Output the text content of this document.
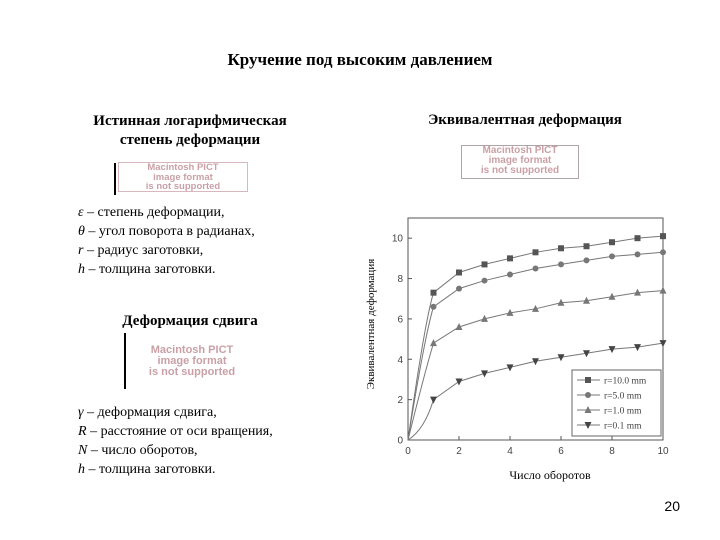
Кручение под высоким давлением
Истинная логарифмическая
степень деформации
Эквивалентная деформация
Macintosh PICT
image format
is not supported
Macintosh PICT
image format
is not supported
ε – степень деформации,
θ – угол поворота в радианах,
r – радиус заготовки,
h – толщина заготовки.
Деформация сдвига
Macintosh PICT
image format
is not supported
γ – деформация сдвига,
R – расстояние от оси вращения,
N – число оборотов,
h – толщина заготовки.
0	2	4	6	8	10
0
2
4
6
8
10
Число оборотов
Эквивалентная деформация	r=10.0 mm
r=5.0 mm
r=1.0 mm
r=0.1 mm
20
